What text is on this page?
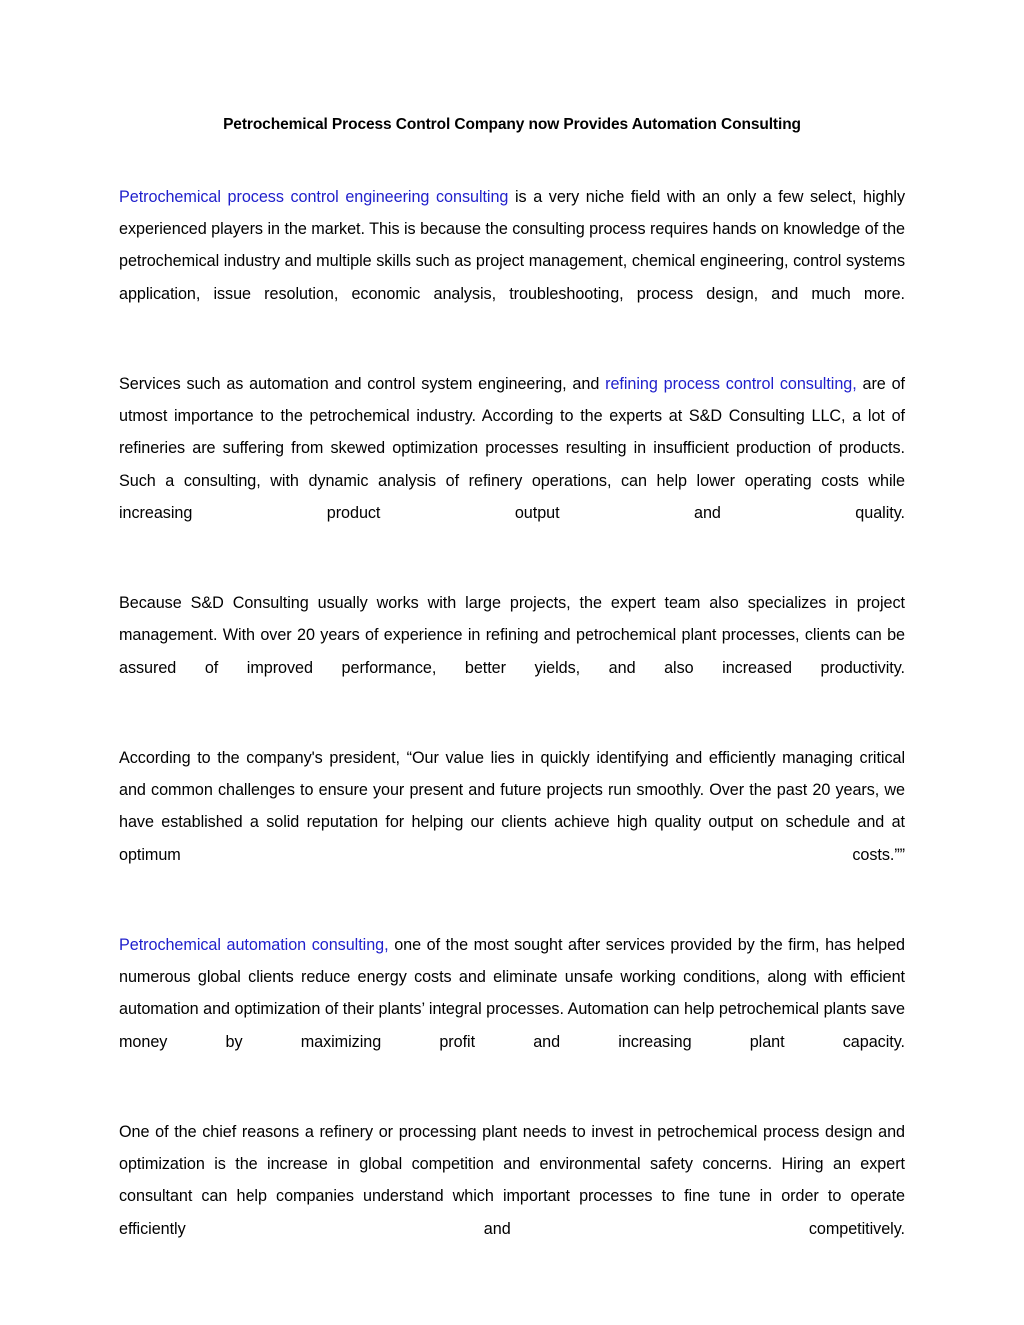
Petrochemical Process Control Company now Provides Automation Consulting

Petrochemical process control engineering consulting is a very niche field with an only a few select, highly experienced players in the market. This is because the consulting process requires hands on knowledge of the petrochemical industry and multiple skills such as project management, chemical engineering, control systems application, issue resolution, economic analysis, troubleshooting, process design, and much more.

Services such as automation and control system engineering, and refining process control consulting, are of utmost importance to the petrochemical industry. According to the experts at S&D Consulting LLC, a lot of refineries are suffering from skewed optimization processes resulting in insufficient production of products. Such a consulting, with dynamic analysis of refinery operations, can help lower operating costs while increasing product output and quality.

Because S&D Consulting usually works with large projects, the expert team also specializes in project management. With over 20 years of experience in refining and petrochemical plant processes, clients can be assured of improved performance, better yields, and also increased productivity.

According to the company's president, “Our value lies in quickly identifying and efficiently managing critical and common challenges to ensure your present and future projects run smoothly. Over the past 20 years, we have established a solid reputation for helping our clients achieve high quality output on schedule and at optimum costs.””

Petrochemical automation consulting, one of the most sought after services provided by the firm, has helped numerous global clients reduce energy costs and eliminate unsafe working conditions, along with efficient automation and optimization of their plants’ integral processes. Automation can help petrochemical plants save money by maximizing profit and increasing plant capacity.

One of the chief reasons a refinery or processing plant needs to invest in petrochemical process design and optimization is the increase in global competition and environmental safety concerns. Hiring an expert consultant can help companies understand which important processes to fine tune in order to operate efficiently and competitively.
